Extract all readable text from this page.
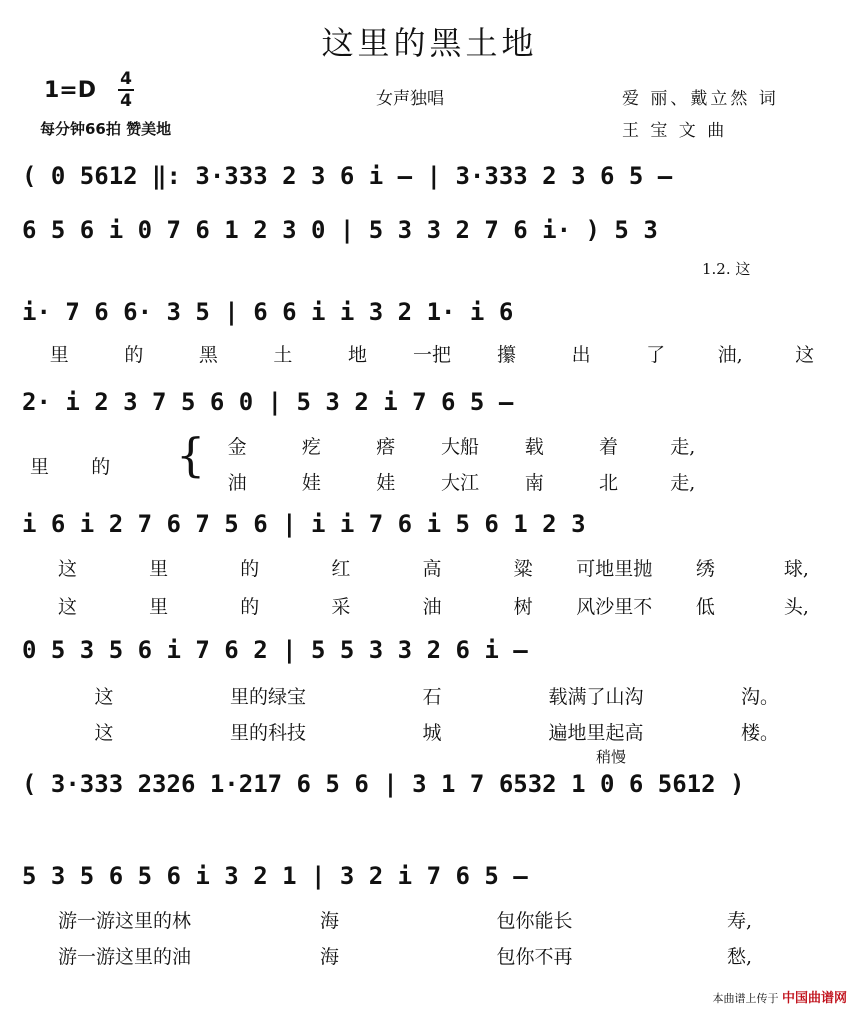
这里的黑土地
1=D 4
4
每分钟66拍 赞美地
女声独唱	爱 丽、戴立然 词
王 宝 文 曲
( 0 5612 ‖: 3·333 2 3 6 i – | 3·333 2 3 6 5 –
6 5 6 i 0 7 6 1 2 3 0 | 5 3 3 2 7 6 i· ) 5 3
1.2. 这
i· 7 6 6· 3 5 | 6 6 i i 3 2 1· i 6
里	的	黑	土	地	一把	攥	出	了	油,	这
2· i 2 3 7 5 6 0 | 5 3 2 i 7 6 5 –
里 的 {	金	疙	瘩	大船	载	着	走,
油	娃	娃	大江	南	北	走,
i 6 i 2 7 6 7 5 6 | i i 7 6 i 5 6 1 2 3
这	里	的	红	高	粱	可地里抛	绣	球,
这	里	的	采	油	树	风沙里不	低	头,
0 5 3 5 6 i 7 6 2 | 5 5 3 3 2 6 i –
这	里的绿宝	石	载满了山沟	沟。
这	里的科技	城	遍地里起高	楼。
稍慢
( 3·333 2326 1·217 6 5 6 | 3 1 7 6532 1 0 6 5612 )
5 3 5 6 5 6 i 3 2 1 | 3 2 i 7 6 5 –
游一游这里的林	海	包你能长	寿,
游一游这里的油	海	包你不再	愁,
本曲谱上传于 中国曲谱网
